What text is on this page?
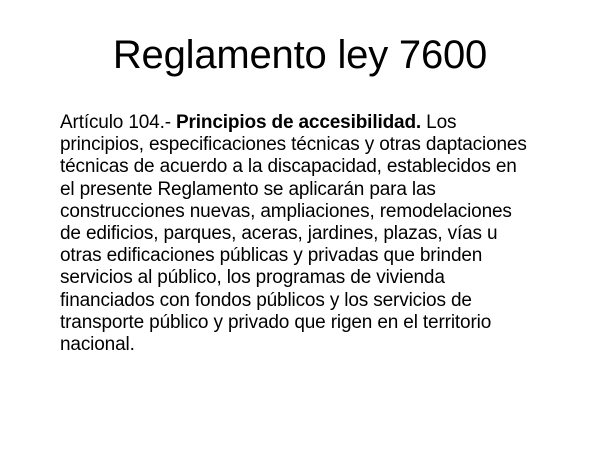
Reglamento ley 7600
Artículo 104.- Principios de accesibilidad. Los
principios, especificaciones técnicas y otras daptaciones
técnicas de acuerdo a la discapacidad, establecidos en
el presente Reglamento se aplicarán para las
construcciones nuevas, ampliaciones, remodelaciones
de edificios, parques, aceras, jardines, plazas, vías u
otras edificaciones públicas y privadas que brinden
servicios al público, los programas de vivienda
financiados con fondos públicos y los servicios de
transporte público y privado que rigen en el territorio
nacional.
